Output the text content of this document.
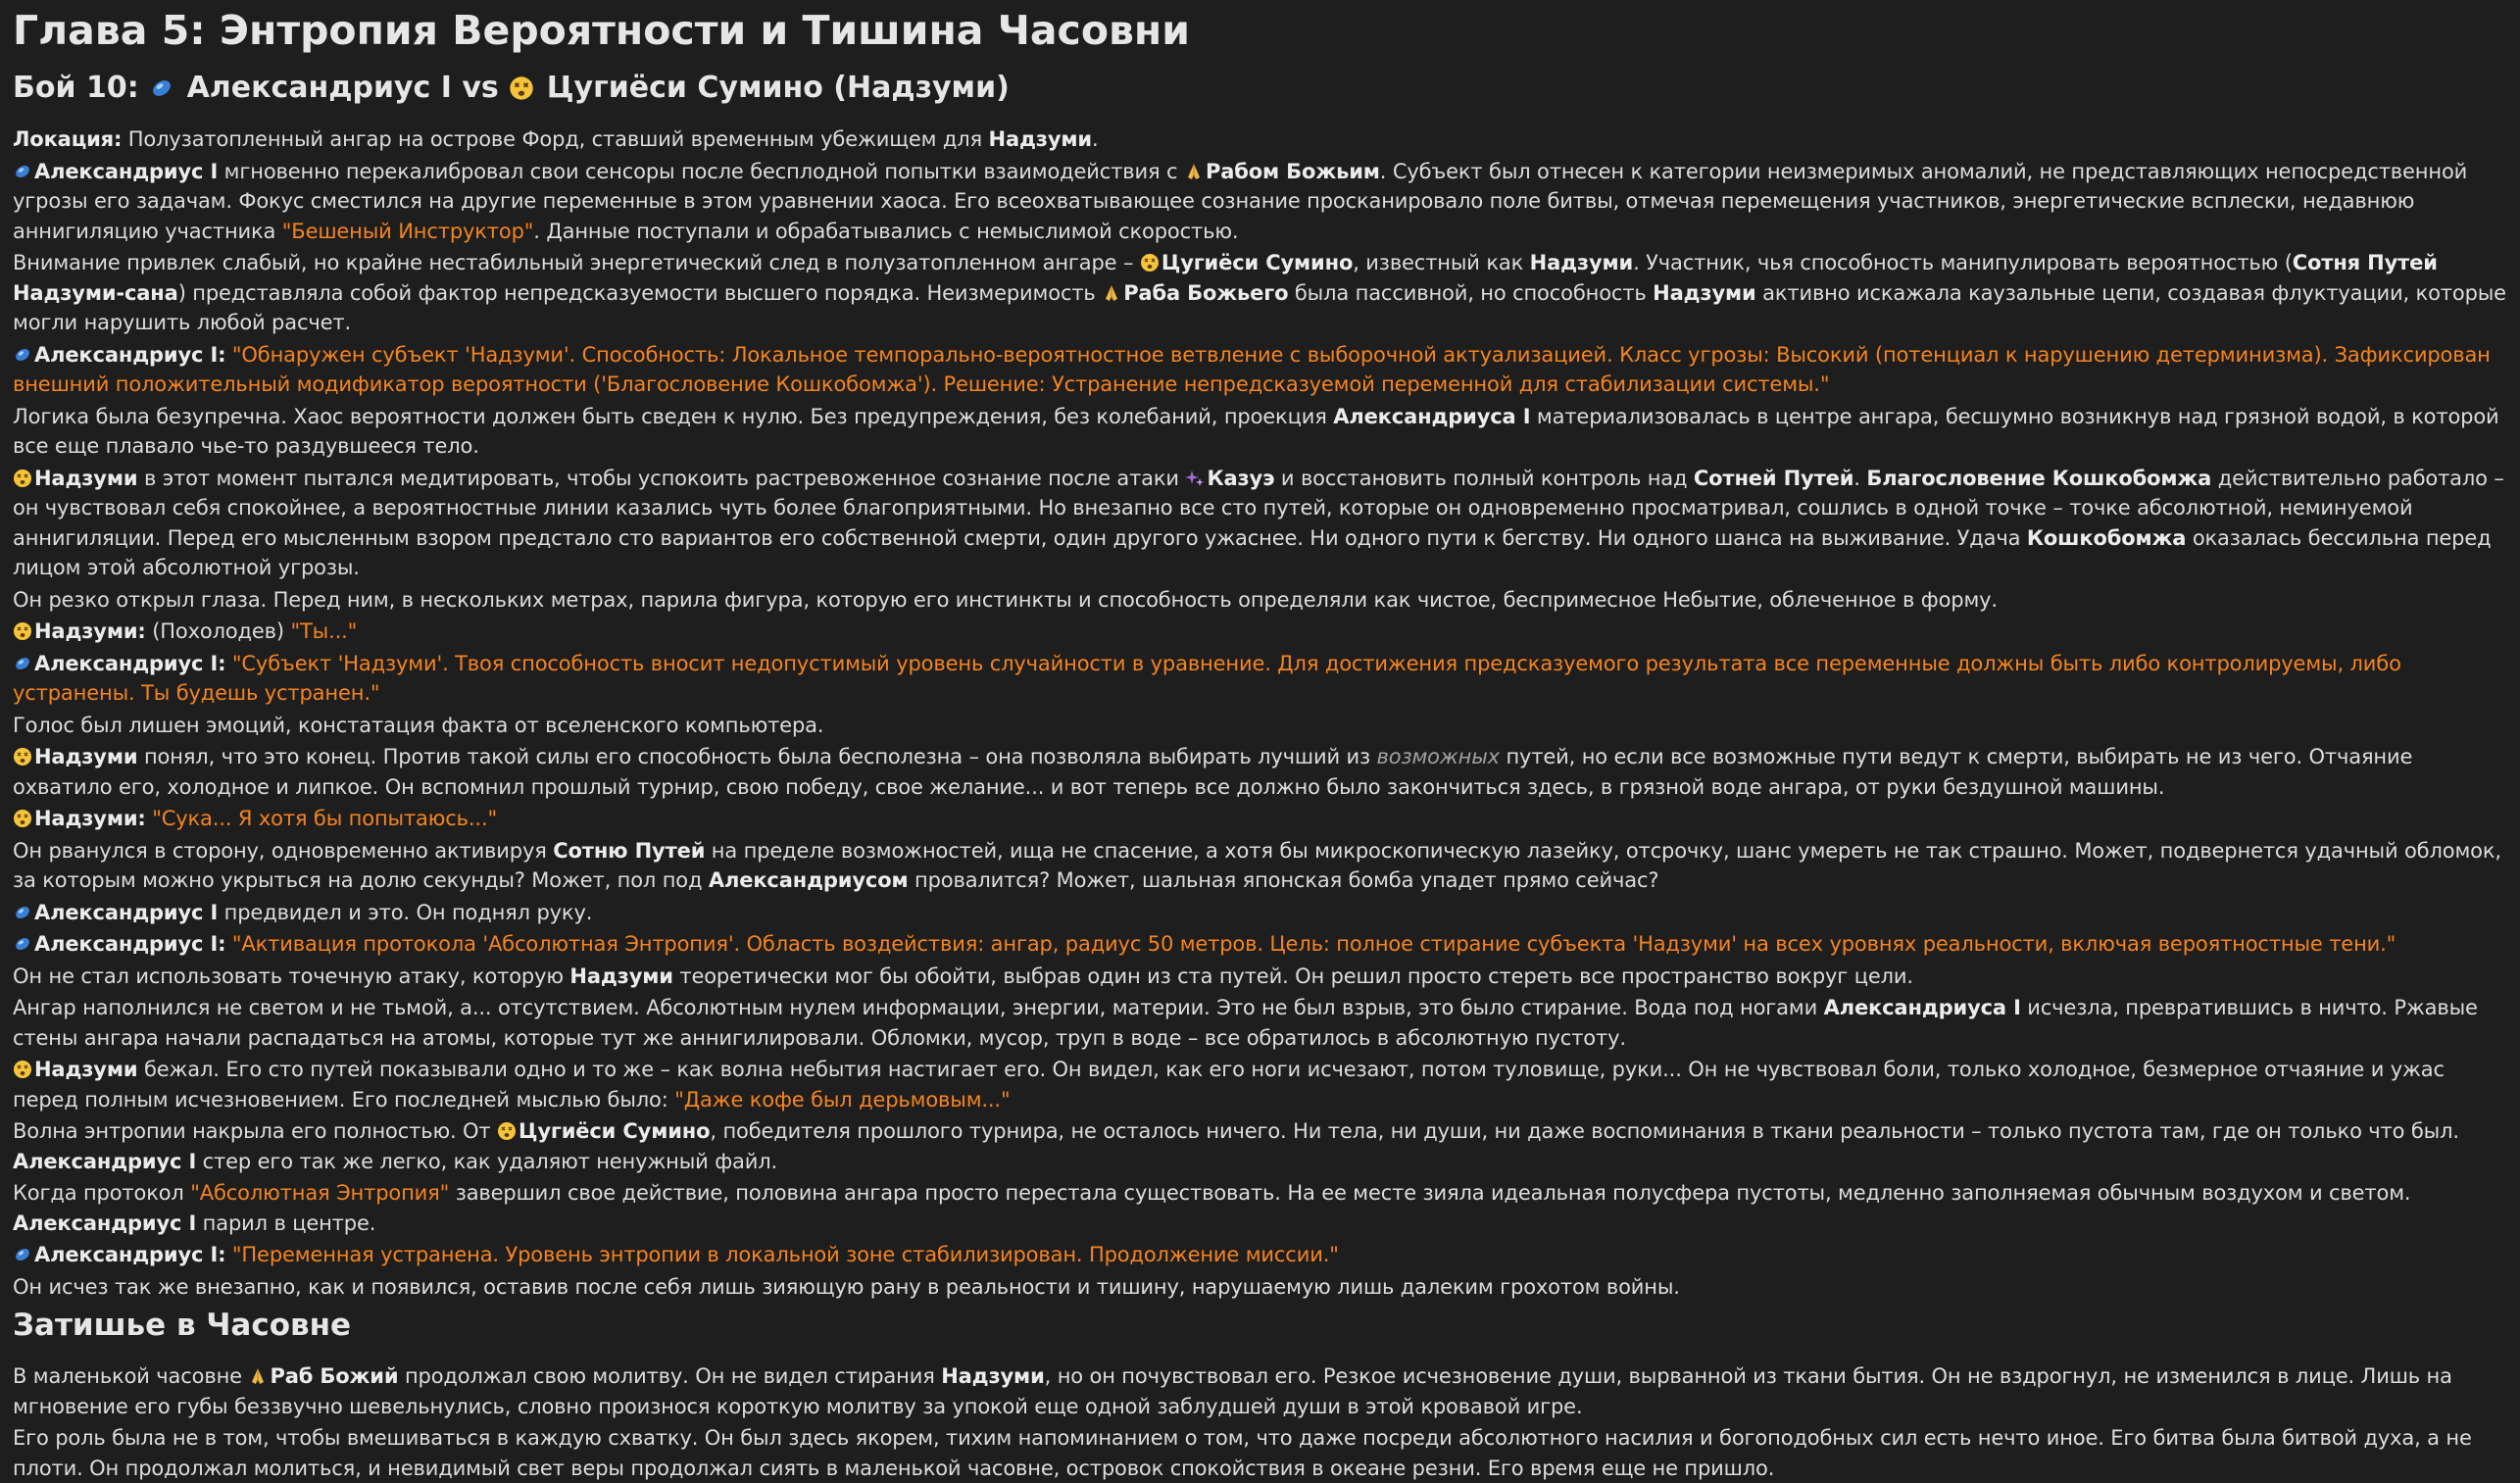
Глава 5: Энтропия Вероятности и Тишина Часовни
Бой 10: Александриус I vs Цугиёси Сумино (Надзуми)

Локация: Полузатопленный ангар на острове Форд, ставший временным убежищем для Надзуми.

Александриус I мгновенно перекалибровал свои сенсоры после бесплодной попытки взаимодействия с
Рабом Божьим. Субъект был отнесен к категории неизмеримых аномалий, не представляющих непосредственной угрозы его задачам. Фокус сместился на другие переменные в этом уравнении хаоса. Его всеохватывающее сознание просканировало поле битвы, отмечая перемещения участников, энергетические всплески, недавнюю аннигиляцию участника "Бешеный Инструктор". Данные поступали и обрабатывались с немыслимой скоростью.

Внимание привлек слабый, но крайне нестабильный энергетический след в полузатопленном ангаре –
Цугиёси Сумино, известный как Надзуми. Участник, чья способность манипулировать вероятностью (Сотня Путей Надзуми-сана) представляла собой фактор непредсказуемости высшего порядка. Неизмеримость
Раба Божьего была пассивной, но способность Надзуми активно искажала каузальные цепи, создавая флуктуации, которые могли нарушить любой расчет.

Александриус I: "Обнаружен субъект 'Надзуми'. Способность: Локальное темпорально-вероятностное ветвление с выборочной актуализацией. Класс угрозы: Высокий (потенциал к нарушению детерминизма). Зафиксирован внешний положительный модификатор вероятности ('Благословение Кошкобомжа'). Решение: Устранение непредсказуемой переменной для стабилизации системы."

Логика была безупречна. Хаос вероятности должен быть сведен к нулю. Без предупреждения, без колебаний, проекция Александриуса I материализовалась в центре ангара, бесшумно возникнув над грязной водой, в которой все еще плавало чье-то раздувшееся тело.

Надзуми в этот момент пытался медитировать, чтобы успокоить растревоженное сознание после атаки
Казуэ и восстановить полный контроль над Сотней Путей. Благословение Кошкобомжа действительно работало – он чувствовал себя спокойнее, а вероятностные линии казались чуть более благоприятными. Но внезапно все сто путей, которые он одновременно просматривал, сошлись в одной точке – точке абсолютной, неминуемой аннигиляции. Перед его мысленным взором предстало сто вариантов его собственной смерти, один другого ужаснее. Ни одного пути к бегству. Ни одного шанса на выживание. Удача Кошкобомжа оказалась бессильна перед лицом этой абсолютной угрозы.

Он резко открыл глаза. Перед ним, в нескольких метрах, парила фигура, которую его инстинкты и способность определяли как чистое, беспримесное Небытие, облеченное в форму.

Надзуми: (Похолодев) "Ты..."

Александриус I: "Субъект 'Надзуми'. Твоя способность вносит недопустимый уровень случайности в уравнение. Для достижения предсказуемого результата все переменные должны быть либо контролируемы, либо устранены. Ты будешь устранен."

Голос был лишен эмоций, констатация факта от вселенского компьютера.

Надзуми понял, что это конец. Против такой силы его способность была бесполезна – она позволяла выбирать лучший из возможных путей, но если все возможные пути ведут к смерти, выбирать не из чего. Отчаяние охватило его, холодное и липкое. Он вспомнил прошлый турнир, свою победу, свое желание... и вот теперь все должно было закончиться здесь, в грязной воде ангара, от руки бездушной машины.

Надзуми: "Сука... Я хотя бы попытаюсь..."

Он рванулся в сторону, одновременно активируя Сотню Путей на пределе возможностей, ища не спасение, а хотя бы микроскопическую лазейку, отсрочку, шанс умереть не так страшно. Может, подвернется удачный обломок, за которым можно укрыться на долю секунды? Может, пол под Александриусом провалится? Может, шальная японская бомба упадет прямо сейчас?

Александриус I предвидел и это. Он поднял руку.

Александриус I: "Активация протокола 'Абсолютная Энтропия'. Область воздействия: ангар, радиус 50 метров. Цель: полное стирание субъекта 'Надзуми' на всех уровнях реальности, включая вероятностные тени."

Он не стал использовать точечную атаку, которую Надзуми теоретически мог бы обойти, выбрав один из ста путей. Он решил просто стереть все пространство вокруг цели.

Ангар наполнился не светом и не тьмой, а... отсутствием. Абсолютным нулем информации, энергии, материи. Это не был взрыв, это было стирание. Вода под ногами Александриуса I исчезла, превратившись в ничто. Ржавые стены ангара начали распадаться на атомы, которые тут же аннигилировали. Обломки, мусор, труп в воде – все обратилось в абсолютную пустоту.

Надзуми бежал. Его сто путей показывали одно и то же – как волна небытия настигает его. Он видел, как его ноги исчезают, потом туловище, руки... Он не чувствовал боли, только холодное, безмерное отчаяние и ужас перед полным исчезновением. Его последней мыслью было: "Даже кофе был дерьмовым..."

Волна энтропии накрыла его полностью. От
Цугиёси Сумино, победителя прошлого турнира, не осталось ничего. Ни тела, ни души, ни даже воспоминания в ткани реальности – только пустота там, где он только что был. Александриус I стер его так же легко, как удаляют ненужный файл.

Когда протокол "Абсолютная Энтропия" завершил свое действие, половина ангара просто перестала существовать. На ее месте зияла идеальная полусфера пустоты, медленно заполняемая обычным воздухом и светом. Александриус I парил в центре.

Александриус I: "Переменная устранена. Уровень энтропии в локальной зоне стабилизирован. Продолжение миссии."

Он исчез так же внезапно, как и появился, оставив после себя лишь зияющую рану в реальности и тишину, нарушаемую лишь далеким грохотом войны.

Затишье в Часовне

В маленькой часовне
Раб Божий продолжал свою молитву. Он не видел стирания Надзуми, но он почувствовал его. Резкое исчезновение души, вырванной из ткани бытия. Он не вздрогнул, не изменился в лице. Лишь на мгновение его губы беззвучно шевельнулись, словно произнося короткую молитву за упокой еще одной заблудшей души в этой кровавой игре.

Его роль была не в том, чтобы вмешиваться в каждую схватку. Он был здесь якорем, тихим напоминанием о том, что даже посреди абсолютного насилия и богоподобных сил есть нечто иное. Его битва была битвой духа, а не плоти. Он продолжал молиться, и невидимый свет веры продолжал сиять в маленькой часовне, островок спокойствия в океане резни. Его время еще не пришло.
